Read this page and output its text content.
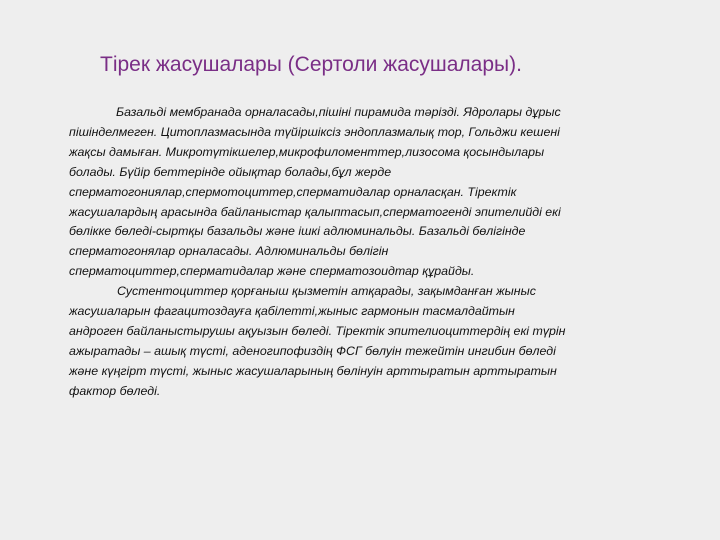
Тірек жасушалары (Сертоли жасушалары).
Базальді мембранада орналасады,пішіні пирамида тәрізді. Ядролары дұрыс
пішінделмеген. Цитоплазмасында түйіршіксіз эндоплазмалық тор, Гольджи кешені
жақсы дамыған. Микротүтікшелер,микрофиломенттер,лизосома қосындылары
болады. Бүйір беттерінде ойықтар болады,бұл жерде
сперматогониялар,спермотоциттер,сперматидалар орналасқан. Тіректік
жасушалардың арасында байланыстар қалыптасып,сперматогенді эпителийді екі
бөлікке бөледі-сыртқы базальды және ішкі адлюминальды. Базальді бөлігінде
сперматогонялар орналасады. Адлюминальды бөлігін
сперматоциттер,сперматидалар және сперматозоидтар құрайды.
Сустентоциттер қорғаныш қызметін атқарады, зақымданған жыныс
жасушаларын фагацитоздауға қабілетті,жыныс гармонын тасмалдайтын
андроген байланыстырушы ақуызын бөледі. Тіректік эпителиоциттердің екі түрін
ажыратады – ашық түсті, аденогипофиздің ФСГ бөлуін тежейтін ингибин бөледі
және күңгірт түсті, жыныс жасушаларының бөлінуін арттыратын арттыратын
фактор бөледі.
